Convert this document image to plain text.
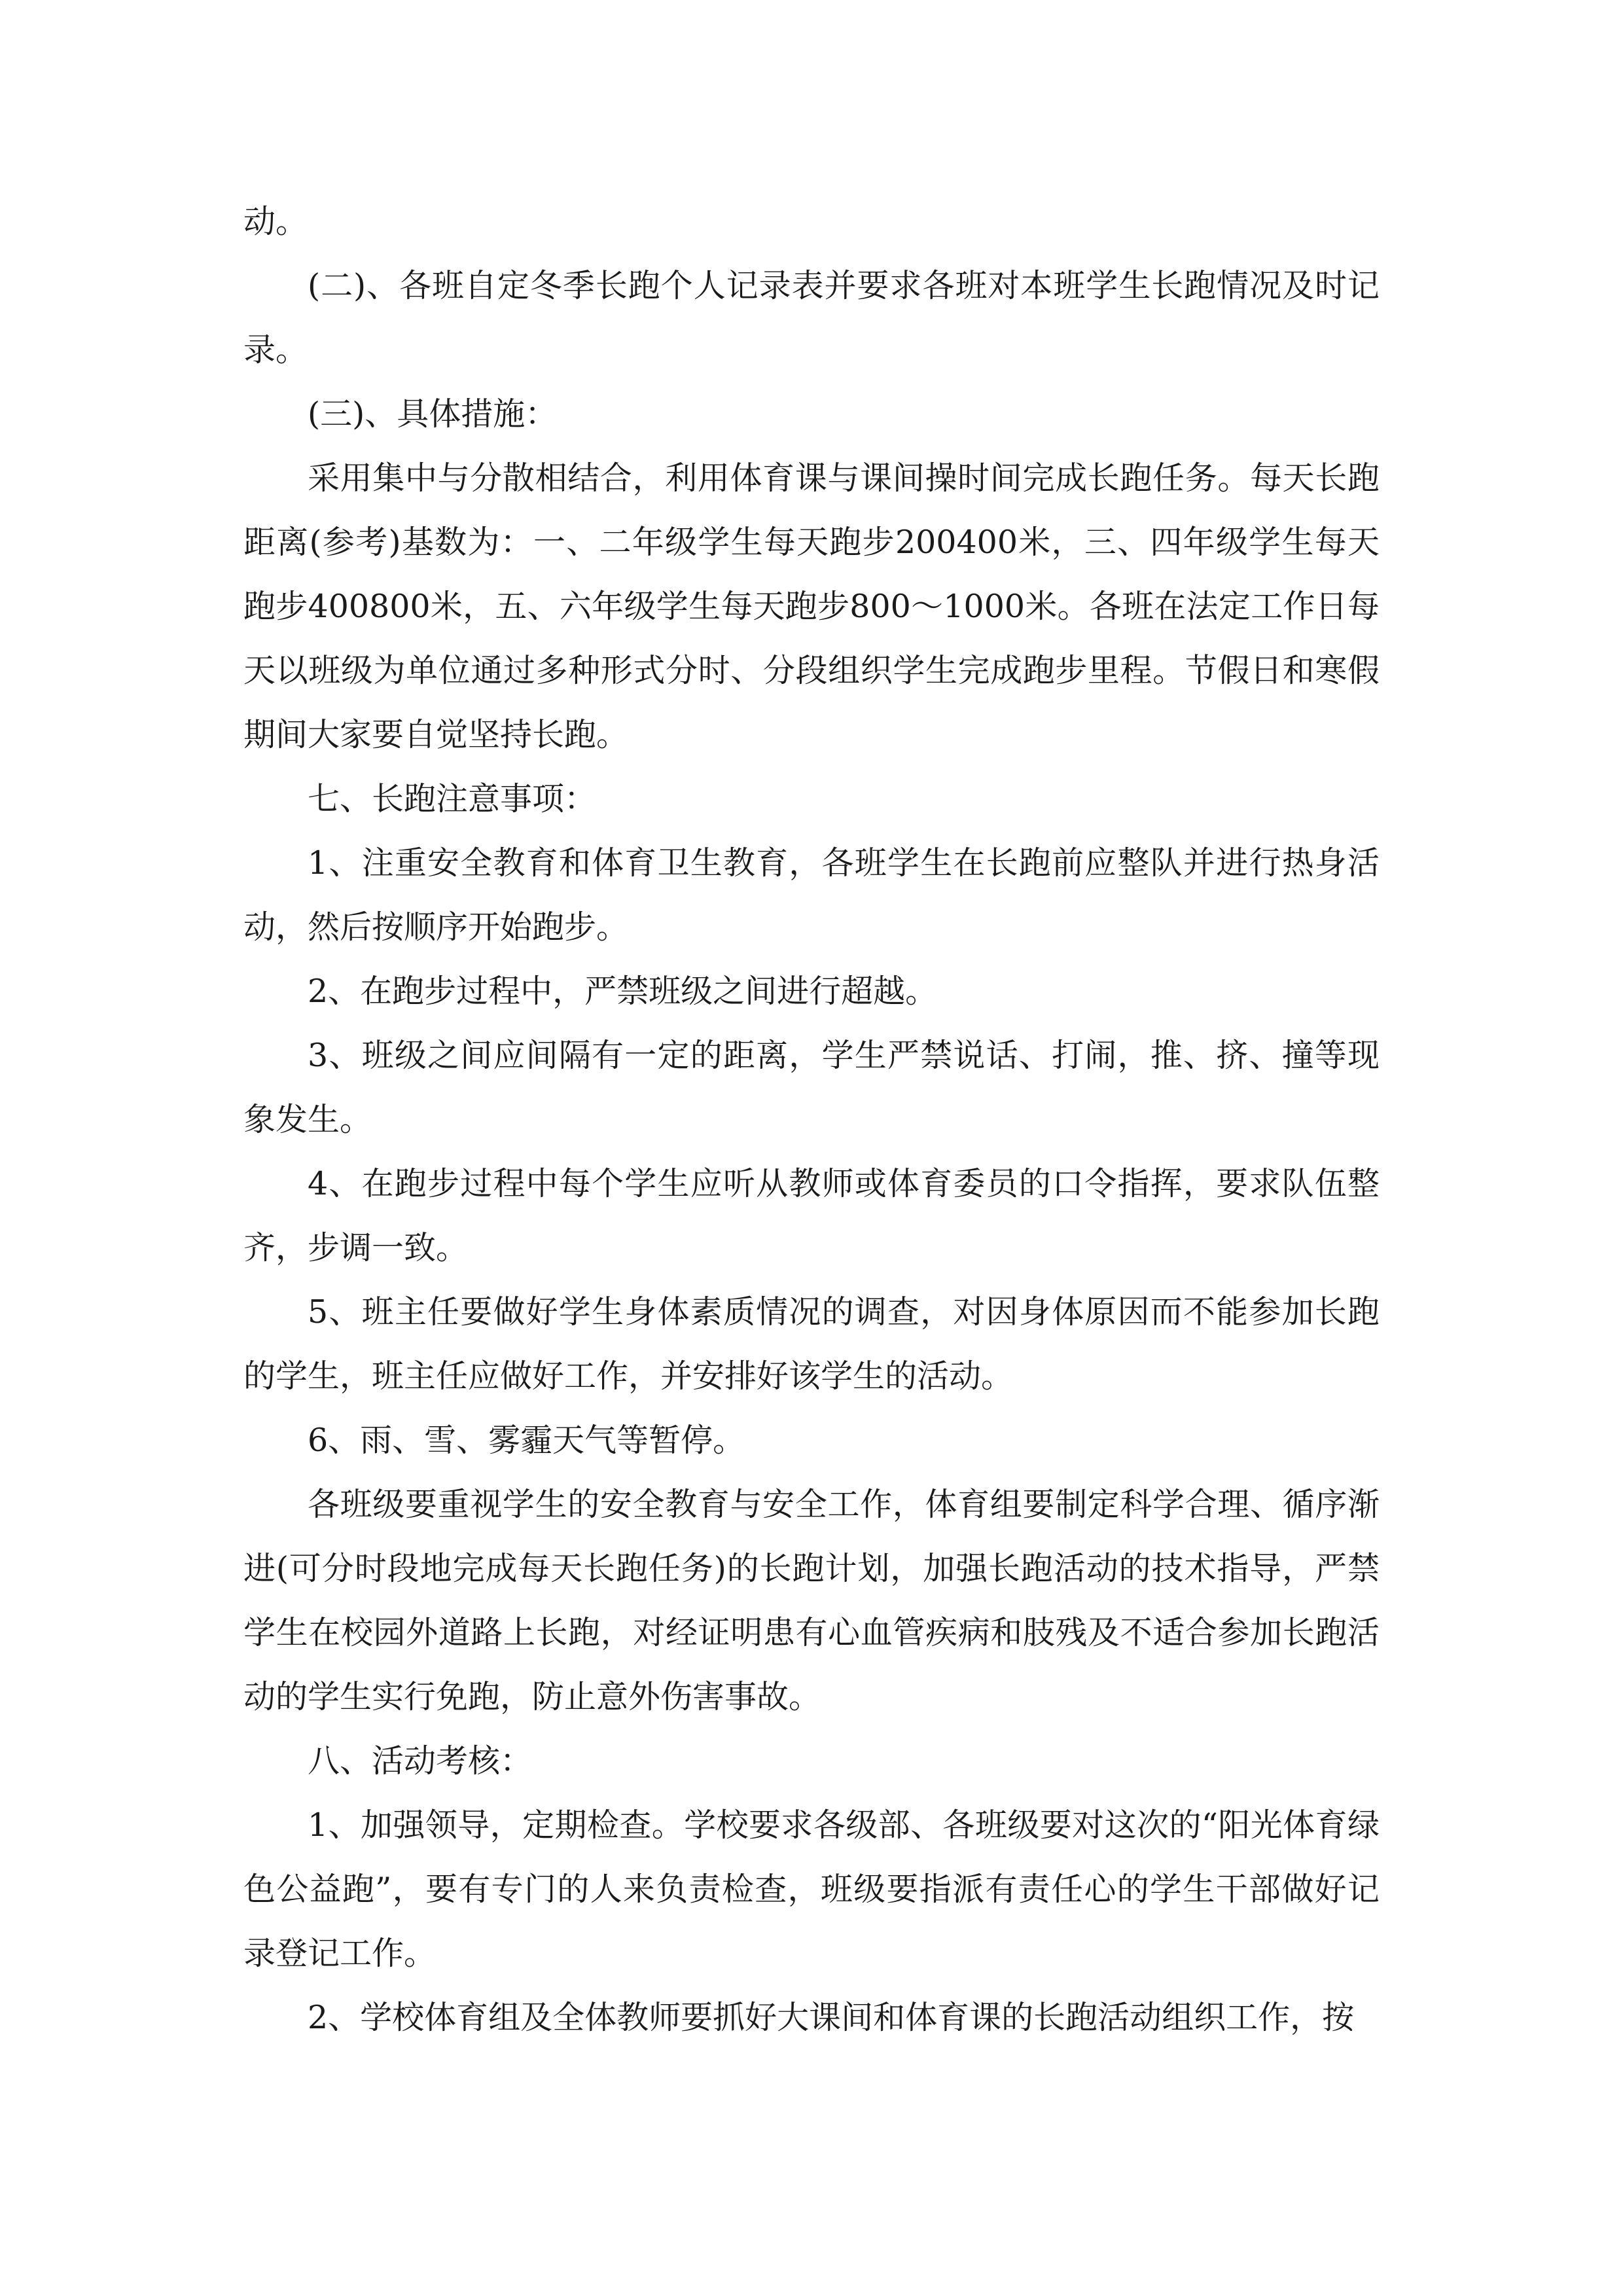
动。

(二)、各班自定冬季长跑个人记录表并要求各班对本班学生长跑情况及时记录。

(三)、具体措施：

采用集中与分散相结合，利用体育课与课间操时间完成长跑任务。每天长跑距离(参考)基数为：一、二年级学生每天跑步200400米，三、四年级学生每天跑步400800米，五、六年级学生每天跑步800～1000米。各班在法定工作日每天以班级为单位通过多种形式分时、分段组织学生完成跑步里程。节假日和寒假期间大家要自觉坚持长跑。

七、长跑注意事项：

1、注重安全教育和体育卫生教育，各班学生在长跑前应整队并进行热身活动，然后按顺序开始跑步。

2、在跑步过程中，严禁班级之间进行超越。

3、班级之间应间隔有一定的距离，学生严禁说话、打闹，推、挤、撞等现象发生。

4、在跑步过程中每个学生应听从教师或体育委员的口令指挥，要求队伍整齐，步调一致。

5、班主任要做好学生身体素质情况的调查，对因身体原因而不能参加长跑的学生，班主任应做好工作，并安排好该学生的活动。

6、雨、雪、雾霾天气等暂停。

各班级要重视学生的安全教育与安全工作，体育组要制定科学合理、循序渐进(可分时段地完成每天长跑任务)的长跑计划，加强长跑活动的技术指导，严禁学生在校园外道路上长跑，对经证明患有心血管疾病和肢残及不适合参加长跑活动的学生实行免跑，防止意外伤害事故。

八、活动考核：

1、加强领导，定期检查。学校要求各级部、各班级要对这次的“阳光体育绿色公益跑”，要有专门的人来负责检查，班级要指派有责任心的学生干部做好记录登记工作。

2、学校体育组及全体教师要抓好大课间和体育课的长跑活动组织工作，按
